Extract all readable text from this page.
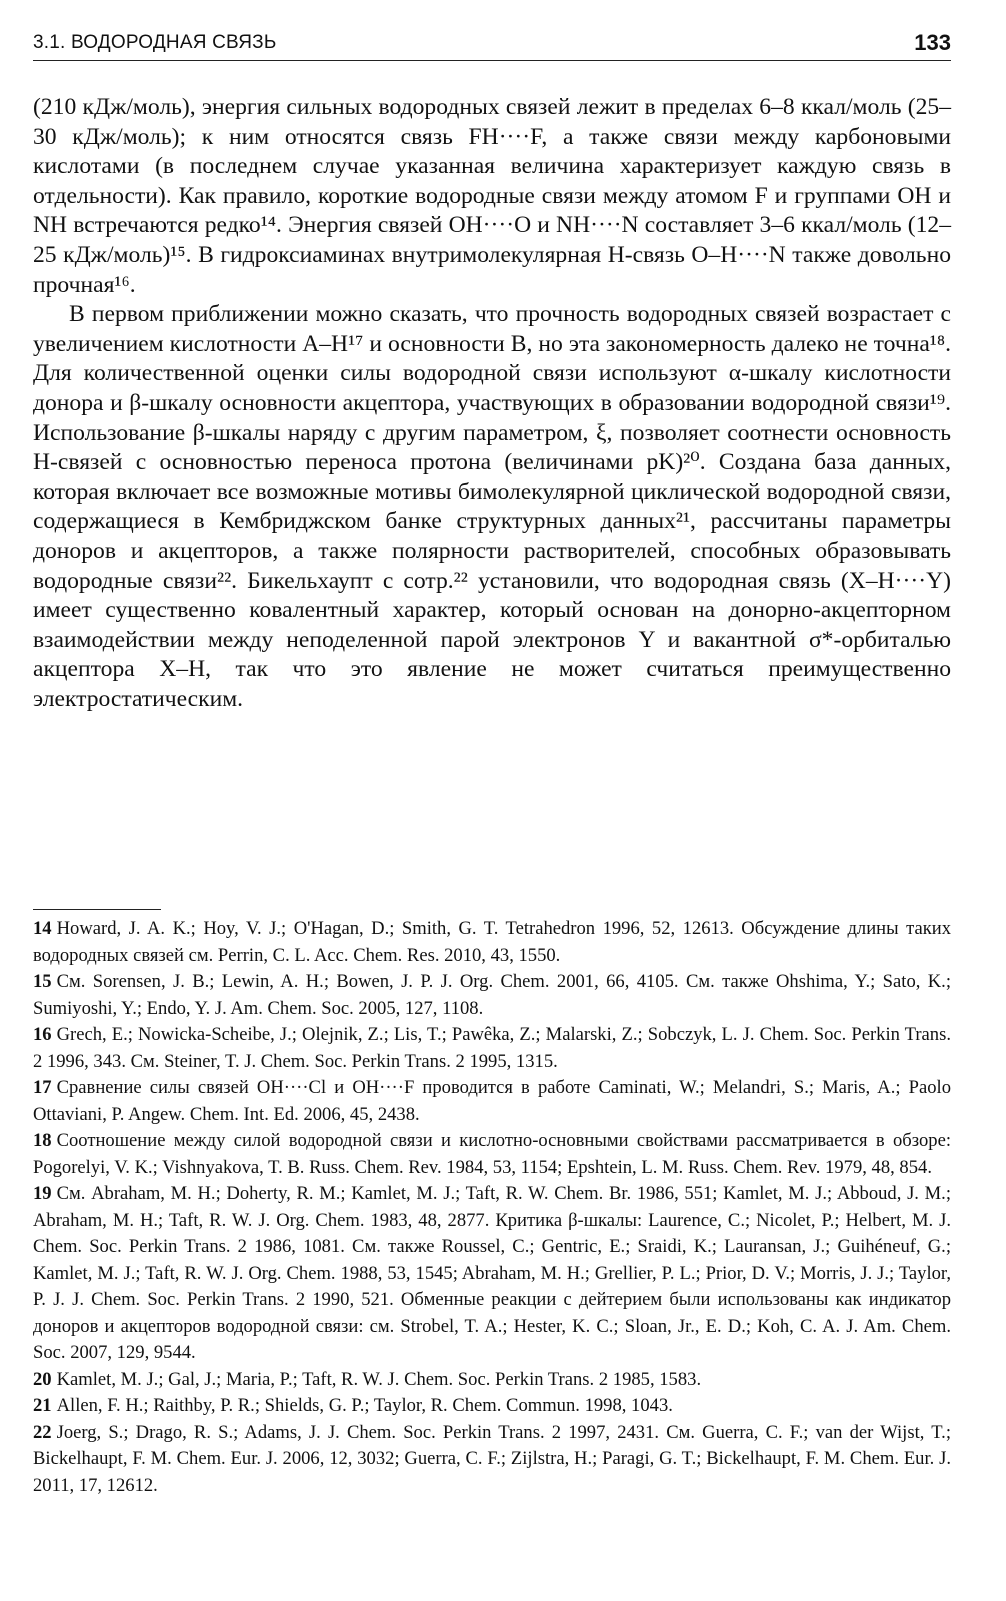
3.1. ВОДОРОДНАЯ СВЯЗЬ	133

(210 кДж/моль), энергия сильных водородных связей лежит в пределах 6–8 ккал/моль (25–30 кДж/моль); к ним относятся связь FH····F, а также связи между карбоновыми кислотами (в последнем случае указанная величина характеризует каждую связь в отдельности). Как правило, короткие водородные связи между атомом F и группами OH и NH встречаются редко¹⁴. Энергия связей OH····O и NH····N составляет 3–6 ккал/моль (12–25 кДж/моль)¹⁵. В гидроксиаминах внутримолекулярная H-связь O–H····N также довольно прочная¹⁶.

В первом приближении можно сказать, что прочность водородных связей возрастает с увеличением кислотности A–H¹⁷ и основности B, но эта закономерность далеко не точна¹⁸. Для количественной оценки силы водородной связи используют α-шкалу кислотности донора и β-шкалу основности акцептора, участвующих в образовании водородной связи¹⁹. Использование β-шкалы наряду с другим параметром, ξ, позволяет соотнести основность H-связей с основностью переноса протона (величинами pK)²⁰. Создана база данных, которая включает все возможные мотивы бимолекулярной циклической водородной связи, содержащиеся в Кембриджском банке структурных данных²¹, рассчитаны параметры доноров и акцепторов, а также полярности растворителей, способных образовывать водородные связи²². Бикельхаупт с сотр.²² установили, что водородная связь (X–H····Y) имеет существенно ковалентный характер, который основан на донорно-акцепторном взаимодействии между неподеленной парой электронов Y и вакантной σ*-орбиталью акцептора X–H, так что это явление не может считаться преимущественно электростатическим.

14 Howard, J. A. K.; Hoy, V. J.; O'Hagan, D.; Smith, G. T. Tetrahedron 1996, 52, 12613. Обсуждение длины таких водородных связей см. Perrin, C. L. Acc. Chem. Res. 2010, 43, 1550.

15 См. Sorensen, J. B.; Lewin, A. H.; Bowen, J. P. J. Org. Chem. 2001, 66, 4105. См. также Ohshima, Y.; Sato, K.; Sumiyoshi, Y.; Endo, Y. J. Am. Chem. Soc. 2005, 127, 1108.

16 Grech, E.; Nowicka-Scheibe, J.; Olejnik, Z.; Lis, T.; Pawêka, Z.; Malarski, Z.; Sobczyk, L. J. Chem. Soc. Perkin Trans. 2 1996, 343. См. Steiner, T. J. Chem. Soc. Perkin Trans. 2 1995, 1315.

17 Сравнение силы связей OH····Cl и OH····F проводится в работе Caminati, W.; Melandri, S.; Maris, A.; Paolo Ottaviani, P. Angew. Chem. Int. Ed. 2006, 45, 2438.

18 Соотношение между силой водородной связи и кислотно-основными свойствами рассматривается в обзоре: Pogorelyi, V. K.; Vishnyakova, T. B. Russ. Chem. Rev. 1984, 53, 1154; Epshtein, L. M. Russ. Chem. Rev. 1979, 48, 854.

19 См. Abraham, M. H.; Doherty, R. M.; Kamlet, M. J.; Taft, R. W. Chem. Br. 1986, 551; Kamlet, M. J.; Abboud, J. M.; Abraham, M. H.; Taft, R. W. J. Org. Chem. 1983, 48, 2877. Критика β-шкалы: Laurence, C.; Nicolet, P.; Helbert, M. J. Chem. Soc. Perkin Trans. 2 1986, 1081. См. также Roussel, C.; Gentric, E.; Sraidi, K.; Lauransan, J.; Guihéneuf, G.; Kamlet, M. J.; Taft, R. W. J. Org. Chem. 1988, 53, 1545; Abraham, M. H.; Grellier, P. L.; Prior, D. V.; Morris, J. J.; Taylor, P. J. J. Chem. Soc. Perkin Trans. 2 1990, 521. Обменные реакции с дейтерием были использованы как индикатор доноров и акцепторов водородной связи: см. Strobel, T. A.; Hester, K. C.; Sloan, Jr., E. D.; Koh, C. A. J. Am. Chem. Soc. 2007, 129, 9544.

20 Kamlet, M. J.; Gal, J.; Maria, P.; Taft, R. W. J. Chem. Soc. Perkin Trans. 2 1985, 1583.

21 Allen, F. H.; Raithby, P. R.; Shields, G. P.; Taylor, R. Chem. Commun. 1998, 1043.

22 Joerg, S.; Drago, R. S.; Adams, J. J. Chem. Soc. Perkin Trans. 2 1997, 2431. См. Guerra, C. F.; van der Wijst, T.; Bickelhaupt, F. M. Chem. Eur. J. 2006, 12, 3032; Guerra, C. F.; Zijlstra, H.; Paragi, G. T.; Bickelhaupt, F. M. Chem. Eur. J. 2011, 17, 12612.
